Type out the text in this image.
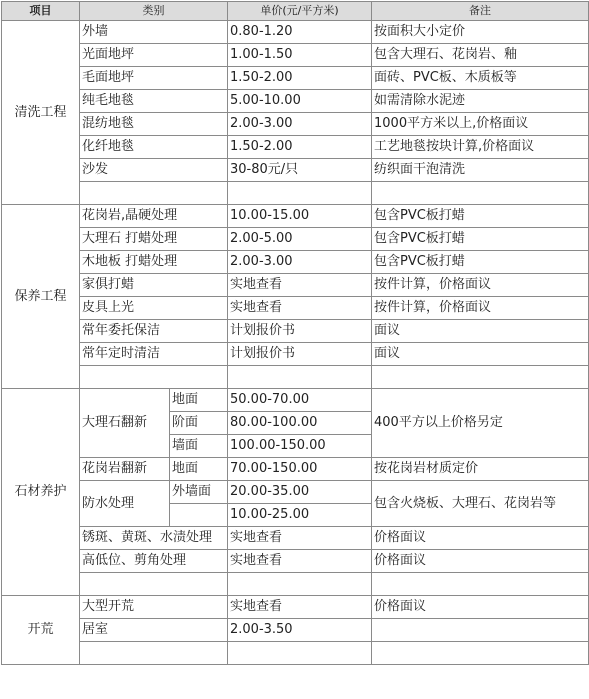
项目	类别		单价(元/平方米)	备注
清洗工程	外墙		0.80-1.20	按面积大小定价
	光面地坪		1.00-1.50	包含大理石、花岗岩、釉
	毛面地坪		1.50-2.00	面砖、PVC板、木质板等
	纯毛地毯		5.00-10.00	如需清除水泥迹
	混纺地毯		2.00-3.00	1000平方米以上,价格面议
	化纤地毯		1.50-2.00	工艺地毯按块计算,价格面议
	沙发		30-80元/只	纺织面干泡清洗

保养工程	花岗岩,晶硬处理		10.00-15.00	包含PVC板打蜡
	大理石 打蜡处理		2.00-5.00	包含PVC板打蜡
	木地板 打蜡处理		2.00-3.00	包含PVC板打蜡
	家俱打蜡		实地查看	按件计算，价格面议
	皮具上光		实地查看	按件计算，价格面议
	常年委托保洁		计划报价书	面议
	常年定时清洁		计划报价书	面议

石材养护	大理石翻新	地面	50.00-70.00	400平方以上价格另定
		阶面	80.00-100.00	
		墙面	100.00-150.00	
	花岗岩翻新	地面	70.00-150.00	按花岗岩材质定价
	防水处理	外墙面	20.00-35.00	包含火烧板、大理石、花岗岩等
			10.00-25.00	
	锈斑、黄斑、水渍处理		实地查看	价格面议
	高低位、剪角处理		实地查看	价格面议

开荒	大型开荒		实地查看	价格面议
	居室		2.00-3.50	
